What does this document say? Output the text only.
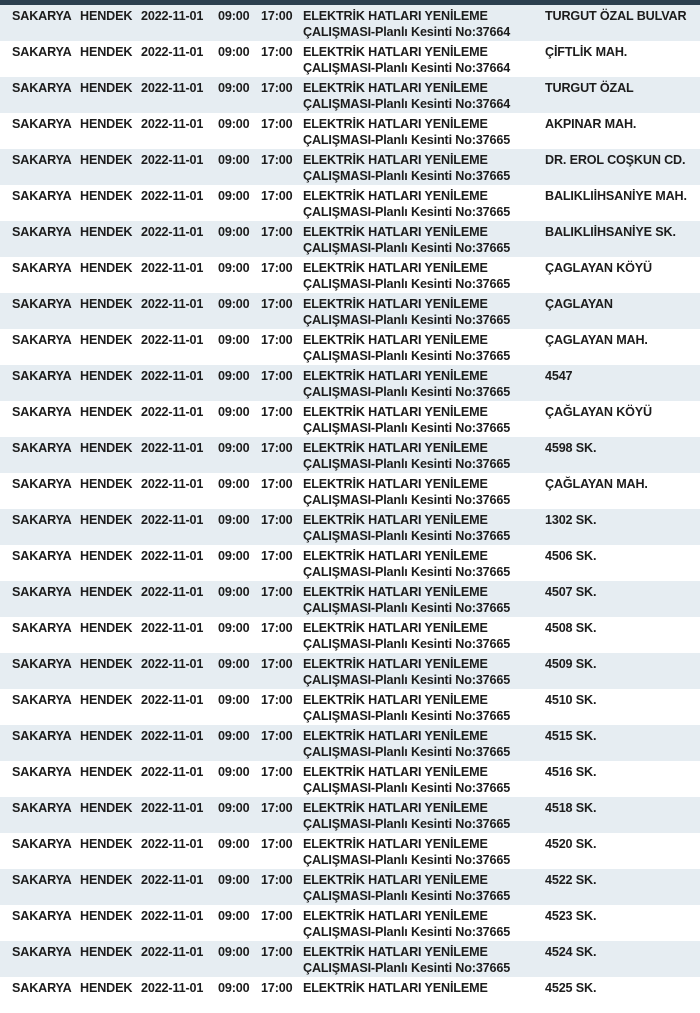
SAKARYA HENDEK 2022-11-01 09:00 17:00 ELEKTRİK HATLARI YENİLEME
ÇALIŞMASI-Planlı Kesinti No:37664
TURGUT ÖZAL BULVAR
SAKARYA HENDEK 2022-11-01 09:00 17:00 ELEKTRİK HATLARI YENİLEME
ÇALIŞMASI-Planlı Kesinti No:37664
ÇİFTLİK MAH.
SAKARYA HENDEK 2022-11-01 09:00 17:00 ELEKTRİK HATLARI YENİLEME
ÇALIŞMASI-Planlı Kesinti No:37664
TURGUT ÖZAL
SAKARYA HENDEK 2022-11-01 09:00 17:00 ELEKTRİK HATLARI YENİLEME
ÇALIŞMASI-Planlı Kesinti No:37665
AKPINAR MAH.
SAKARYA HENDEK 2022-11-01 09:00 17:00 ELEKTRİK HATLARI YENİLEME
ÇALIŞMASI-Planlı Kesinti No:37665
DR. EROL COŞKUN CD.
SAKARYA HENDEK 2022-11-01 09:00 17:00 ELEKTRİK HATLARI YENİLEME
ÇALIŞMASI-Planlı Kesinti No:37665
BALIKLIİHSANİYE MAH.
SAKARYA HENDEK 2022-11-01 09:00 17:00 ELEKTRİK HATLARI YENİLEME
ÇALIŞMASI-Planlı Kesinti No:37665
BALIKLIİHSANİYE SK.
SAKARYA HENDEK 2022-11-01 09:00 17:00 ELEKTRİK HATLARI YENİLEME
ÇALIŞMASI-Planlı Kesinti No:37665
ÇAGLAYAN KÖYÜ
SAKARYA HENDEK 2022-11-01 09:00 17:00 ELEKTRİK HATLARI YENİLEME
ÇALIŞMASI-Planlı Kesinti No:37665
ÇAGLAYAN
SAKARYA HENDEK 2022-11-01 09:00 17:00 ELEKTRİK HATLARI YENİLEME
ÇALIŞMASI-Planlı Kesinti No:37665
ÇAGLAYAN MAH.
SAKARYA HENDEK 2022-11-01 09:00 17:00 ELEKTRİK HATLARI YENİLEME
ÇALIŞMASI-Planlı Kesinti No:37665
4547
SAKARYA HENDEK 2022-11-01 09:00 17:00 ELEKTRİK HATLARI YENİLEME
ÇALIŞMASI-Planlı Kesinti No:37665
ÇAĞLAYAN KÖYÜ
SAKARYA HENDEK 2022-11-01 09:00 17:00 ELEKTRİK HATLARI YENİLEME
ÇALIŞMASI-Planlı Kesinti No:37665
4598 SK.
SAKARYA HENDEK 2022-11-01 09:00 17:00 ELEKTRİK HATLARI YENİLEME
ÇALIŞMASI-Planlı Kesinti No:37665
ÇAĞLAYAN MAH.
SAKARYA HENDEK 2022-11-01 09:00 17:00 ELEKTRİK HATLARI YENİLEME
ÇALIŞMASI-Planlı Kesinti No:37665
1302 SK.
SAKARYA HENDEK 2022-11-01 09:00 17:00 ELEKTRİK HATLARI YENİLEME
ÇALIŞMASI-Planlı Kesinti No:37665
4506 SK.
SAKARYA HENDEK 2022-11-01 09:00 17:00 ELEKTRİK HATLARI YENİLEME
ÇALIŞMASI-Planlı Kesinti No:37665
4507 SK.
SAKARYA HENDEK 2022-11-01 09:00 17:00 ELEKTRİK HATLARI YENİLEME
ÇALIŞMASI-Planlı Kesinti No:37665
4508 SK.
SAKARYA HENDEK 2022-11-01 09:00 17:00 ELEKTRİK HATLARI YENİLEME
ÇALIŞMASI-Planlı Kesinti No:37665
4509 SK.
SAKARYA HENDEK 2022-11-01 09:00 17:00 ELEKTRİK HATLARI YENİLEME
ÇALIŞMASI-Planlı Kesinti No:37665
4510 SK.
SAKARYA HENDEK 2022-11-01 09:00 17:00 ELEKTRİK HATLARI YENİLEME
ÇALIŞMASI-Planlı Kesinti No:37665
4515 SK.
SAKARYA HENDEK 2022-11-01 09:00 17:00 ELEKTRİK HATLARI YENİLEME
ÇALIŞMASI-Planlı Kesinti No:37665
4516 SK.
SAKARYA HENDEK 2022-11-01 09:00 17:00 ELEKTRİK HATLARI YENİLEME
ÇALIŞMASI-Planlı Kesinti No:37665
4518 SK.
SAKARYA HENDEK 2022-11-01 09:00 17:00 ELEKTRİK HATLARI YENİLEME
ÇALIŞMASI-Planlı Kesinti No:37665
4520 SK.
SAKARYA HENDEK 2022-11-01 09:00 17:00 ELEKTRİK HATLARI YENİLEME
ÇALIŞMASI-Planlı Kesinti No:37665
4522 SK.
SAKARYA HENDEK 2022-11-01 09:00 17:00 ELEKTRİK HATLARI YENİLEME
ÇALIŞMASI-Planlı Kesinti No:37665
4523 SK.
SAKARYA HENDEK 2022-11-01 09:00 17:00 ELEKTRİK HATLARI YENİLEME
ÇALIŞMASI-Planlı Kesinti No:37665
4524 SK.
SAKARYA HENDEK 2022-11-01 09:00 17:00 ELEKTRİK HATLARI YENİLEME	4525 SK.
